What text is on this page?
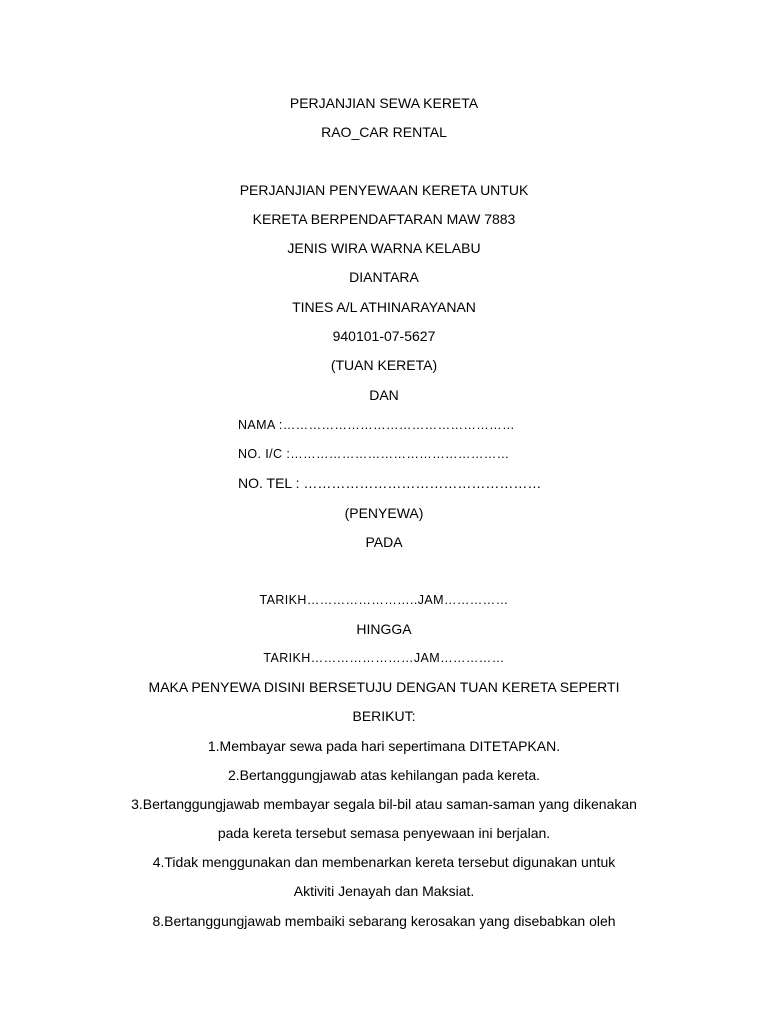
PERJANJIAN SEWA KERETA
RAO_CAR RENTAL
PERJANJIAN PENYEWAAN KERETA UNTUK
KERETA BERPENDAFTARAN MAW 7883
JENIS WIRA WARNA KELABU
DIANTARA
TINES A/L ATHINARAYANAN
940101-07-5627
(TUAN KERETA)
DAN
NAMA :………………………………………………
NO. I/C :……………………………………………
NO. TEL : ……………………………………………
(PENYEWA)
PADA
TARIKH……………………..JAM……………
HINGGA
TARIKH……………………JAM……………
MAKA PENYEWA DISINI BERSETUJU DENGAN TUAN KERETA SEPERTI
BERIKUT:
1.Membayar sewa pada hari sepertimana DITETAPKAN.
2.Bertanggungjawab atas kehilangan pada kereta.
3.Bertanggungjawab membayar segala bil-bil atau saman-saman yang dikenakan
pada kereta tersebut semasa penyewaan ini berjalan.
4.Tidak menggunakan dan membenarkan kereta tersebut digunakan untuk
Aktiviti Jenayah dan Maksiat.
8.Bertanggungjawab membaiki sebarang kerosakan yang disebabkan oleh
